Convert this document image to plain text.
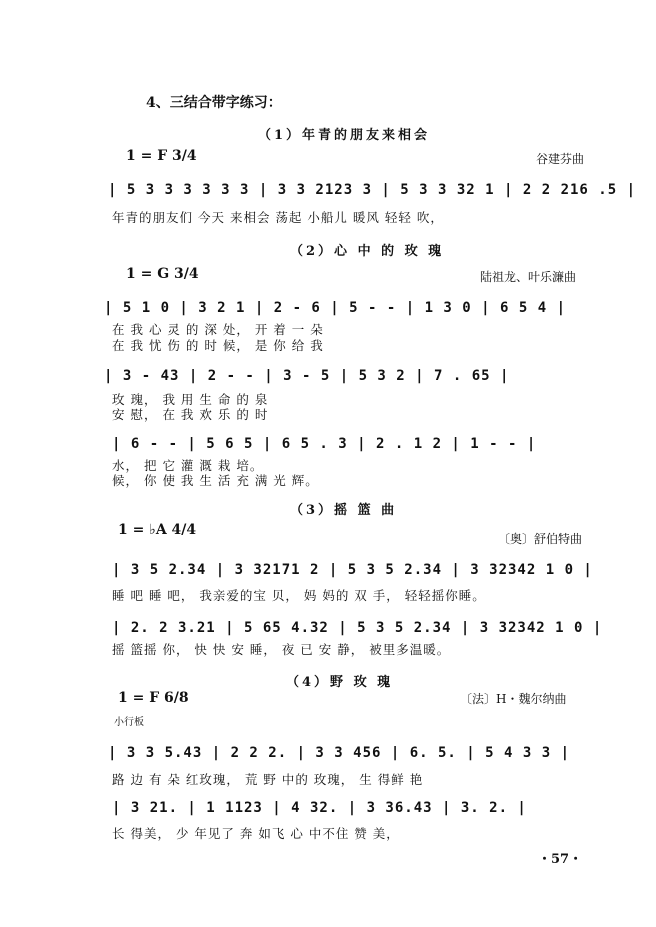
4、三结合带字练习：
（1）年青的朋友来相会
1 = F 3/4	谷建芬曲
| 5 3 3 3 3 3 3 | 3 3 2123 3 | 5 3 3 32 1 | 2 2 216 .5 |
年青的朋友们 今天 来相会 荡起 小船儿 暖风 轻轻 吹，
（2）心 中 的 玫 瑰
1 = G 3/4	陆祖龙、叶乐濂曲
| 5 1 0 | 3 2 1 | 2 - 6 | 5 - - | 1 3 0 | 6 5 4 |
在 我 心 灵 的 深 处， 开 着 一 朵
在 我 忧 伤 的 时 候， 是 你 给 我
| 3 - 43 | 2 - - | 3 - 5 | 5 3 2 | 7 . 65 |
玫 瑰， 我 用 生 命 的 泉
安 慰， 在 我 欢 乐 的 时
| 6 - - | 5 6 5 | 6 5 . 3 | 2 . 1 2 | 1 - - |
水， 把 它 灌 溉 栽 培。
候， 你 使 我 生 活 充 满 光 辉。
（3）摇 篮 曲
1 = ♭A 4/4
〔奥〕舒伯特曲
| 3 5 2.34 | 3 32171 2 | 5 3 5 2.34 | 3 32342 1 0 |
睡 吧 睡 吧， 我亲爱的宝 贝， 妈 妈的 双 手， 轻轻摇你睡。
| 2. 2 3.21 | 5 65 4.32 | 5 3 5 2.34 | 3 32342 1 0 |
摇 篮摇 你， 快 快 安 睡， 夜 已 安 静， 被里多温暖。
（4）野 玫 瑰
1 = F 6/8	〔法〕H・魏尔纳曲
小行板
| 3 3 5.43 | 2 2 2. | 3 3 456 | 6. 5. | 5 4 3 3 |
路 边 有 朵 红玫瑰， 荒 野 中的 玫瑰， 生 得鲜 艳
| 3 21. | 1 1123 | 4 32. | 3 36.43 | 3. 2. |
长 得美， 少 年见了 奔 如飞 心 中不住 赞 美，
・57・
